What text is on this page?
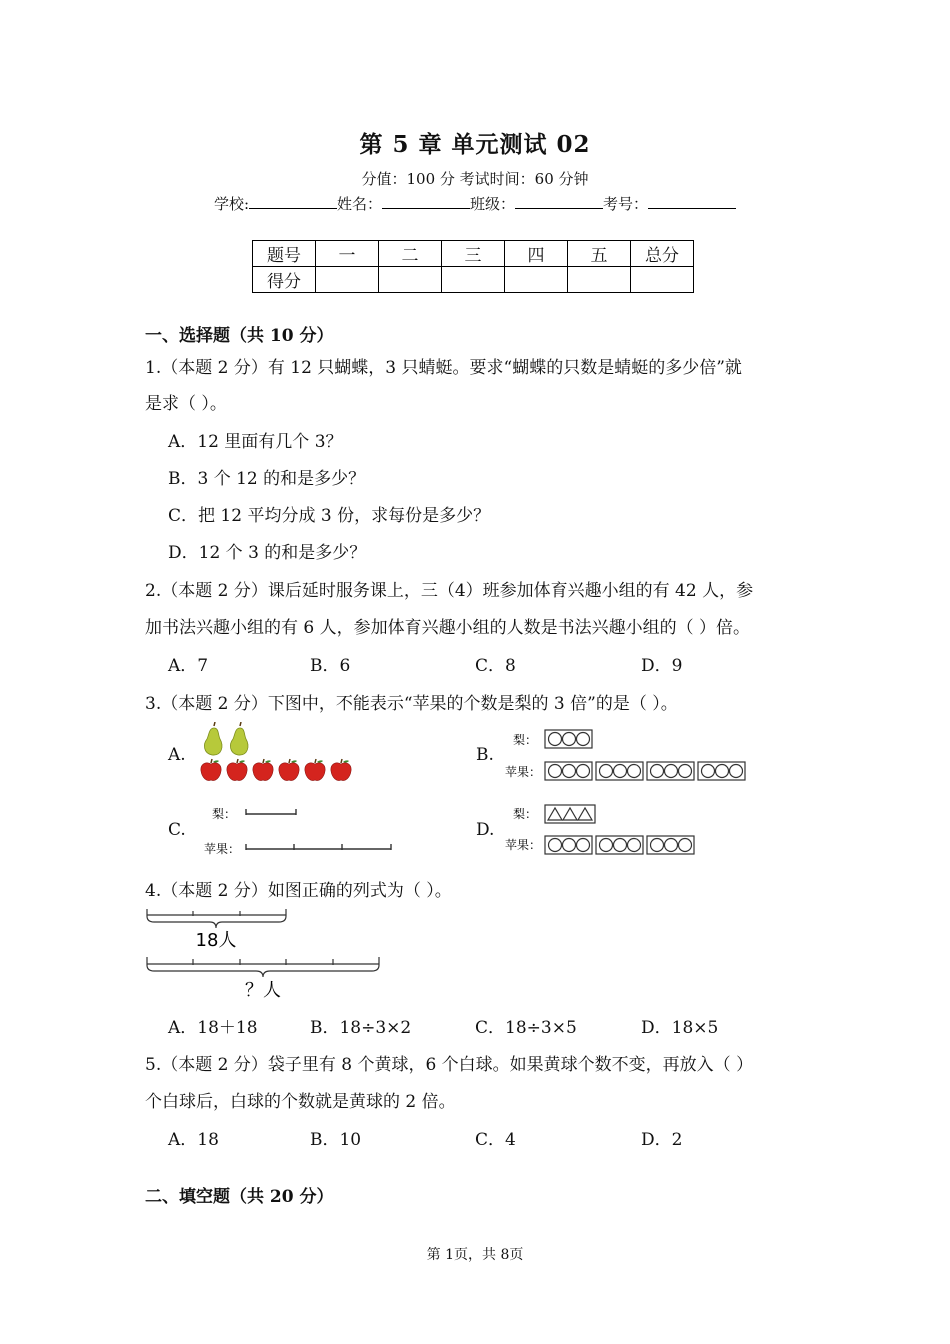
第 5 章 单元测试 02
分值：100 分 考试时间：60 分钟
学校:	姓名：	班级：	考号：
题号	一	二	三	四	五	总分
得分						
一、选择题（共 10 分）
1.（本题 2 分）有 12 只蝴蝶，3 只蜻蜓。要求“蝴蝶的只数是蜻蜓的多少倍”就
是求（ ）。
A．12 里面有几个 3？
B．3 个 12 的和是多少？
C．把 12 平均分成 3 份，求每份是多少？
D．12 个 3 的和是多少？
2.（本题 2 分）课后延时服务课上，三（4）班参加体育兴趣小组的有 42 人，参
加书法兴趣小组的有 6 人，参加体育兴趣小组的人数是书法兴趣小组的（ ）倍。
A．7	B．6	C．8	D．9
3.（本题 2 分）下图中，不能表示“苹果的个数是梨的 3 倍”的是（ ）。
A.	B.
C.	D.
梨：
苹果：
梨：
苹果：
梨：
苹果：
4.（本题 2 分）如图正确的列式为（ ）。
18人
？人
A．18＋18	B．18÷3×2	C．18÷3×5	D．18×5
5.（本题 2 分）袋子里有 8 个黄球，6 个白球。如果黄球个数不变，再放入（ ）
个白球后，白球的个数就是黄球的 2 倍。
A．18	B．10	C．4	D．2
二、填空题（共 20 分）
第 1页，共 8页
